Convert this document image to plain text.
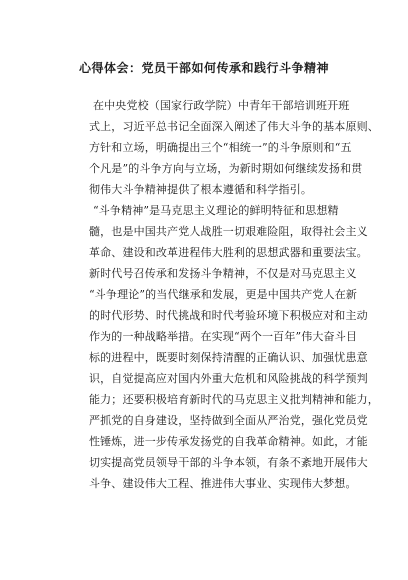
心得体会：党员干部如何传承和践行斗争精神
在中央党校（国家行政学院）中青年干部培训班开班
式上，习近平总书记全面深入阐述了伟大斗争的基本原则、
方针和立场，明确提出三个“相统一”的斗争原则和“五
个凡是”的斗争方向与立场，为新时期如何继续发扬和贯
彻伟大斗争精神提供了根本遵循和科学指引。
“斗争精神”是马克思主义理论的鲜明特征和思想精
髓，也是中国共产党人战胜一切艰难险阻，取得社会主义
革命、建设和改革进程伟大胜利的思想武器和重要法宝。
新时代号召传承和发扬斗争精神，不仅是对马克思主义
“斗争理论”的当代继承和发展，更是中国共产党人在新
的时代形势、时代挑战和时代考验环境下积极应对和主动
作为的一种战略举措。在实现“两个一百年”伟大奋斗目
标的进程中，既要时刻保持清醒的正确认识、加强忧患意
识，自觉提高应对国内外重大危机和风险挑战的科学预判
能力；还要积极培育新时代的马克思主义批判精神和能力，
严抓党的自身建设，坚持做到全面从严治党，强化党员党
性锤炼，进一步传承发扬党的自我革命精神。如此，才能
切实提高党员领导干部的斗争本领，有条不紊地开展伟大
斗争、建设伟大工程、推进伟大事业、实现伟大梦想。
